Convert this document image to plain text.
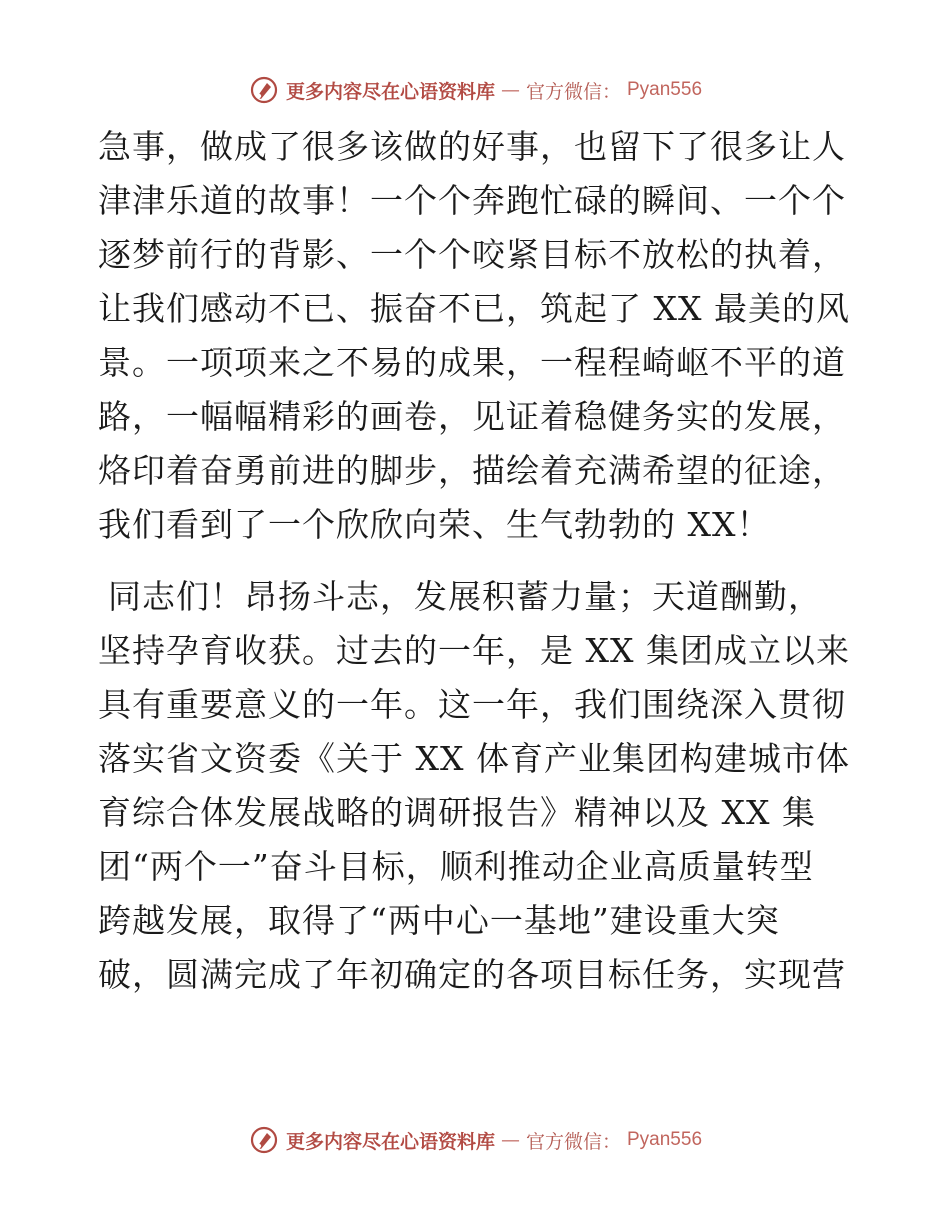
更多内容尽在心语资料库 — 官方微信： Pyan556

急事，做成了很多该做的好事，也留下了很多让人
津津乐道的故事！一个个奔跑忙碌的瞬间、一个个
逐梦前行的背影、一个个咬紧目标不放松的执着，
让我们感动不已、振奋不已，筑起了 XX 最美的风
景。一项项来之不易的成果，一程程崎岖不平的道
路，一幅幅精彩的画卷，见证着稳健务实的发展，
烙印着奋勇前进的脚步，描绘着充满希望的征途，
我们看到了一个欣欣向荣、生气勃勃的 XX！

同志们！昂扬斗志，发展积蓄力量；天道酬勤，
坚持孕育收获。过去的一年，是 XX 集团成立以来
具有重要意义的一年。这一年，我们围绕深入贯彻
落实省文资委《关于 XX 体育产业集团构建城市体
育综合体发展战略的调研报告》精神以及 XX 集
团“两个一”奋斗目标，顺利推动企业高质量转型
跨越发展，取得了“两中心一基地”建设重大突
破，圆满完成了年初确定的各项目标任务，实现营

更多内容尽在心语资料库 — 官方微信： Pyan556
